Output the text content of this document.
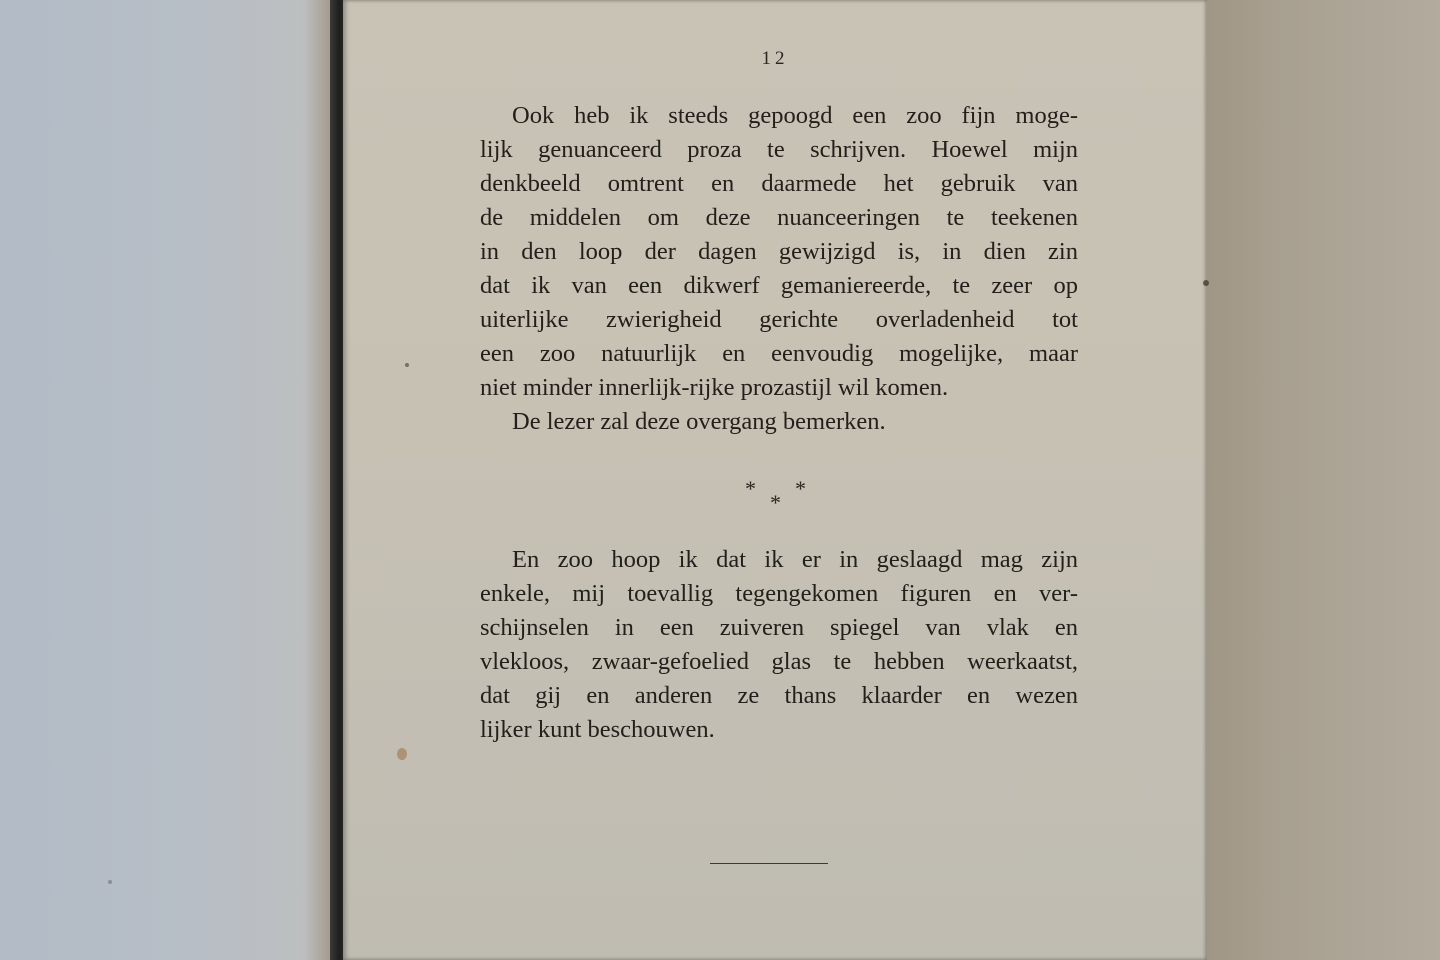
12
Ook heb ik steeds gepoogd een zoo fijn moge-
lijk genuanceerd proza te schrijven. Hoewel mijn
denkbeeld omtrent en daarmede het gebruik van
de middelen om deze nuanceeringen te teekenen
in den loop der dagen gewijzigd is, in dien zin
dat ik van een dikwerf gemaniereerde, te zeer op
uiterlijke zwierigheid gerichte overladenheid tot
een zoo natuurlijk en eenvoudig mogelijke, maar
niet minder innerlijk-rijke prozastijl wil komen.
De lezer zal deze overgang bemerken.
* *
*
En zoo hoop ik dat ik er in geslaagd mag zijn
enkele, mij toevallig tegengekomen figuren en ver-
schijnselen in een zuiveren spiegel van vlak en
vlekloos, zwaar-gefoelied glas te hebben weerkaatst,
dat gij en anderen ze thans klaarder en wezen
lijker kunt beschouwen.
